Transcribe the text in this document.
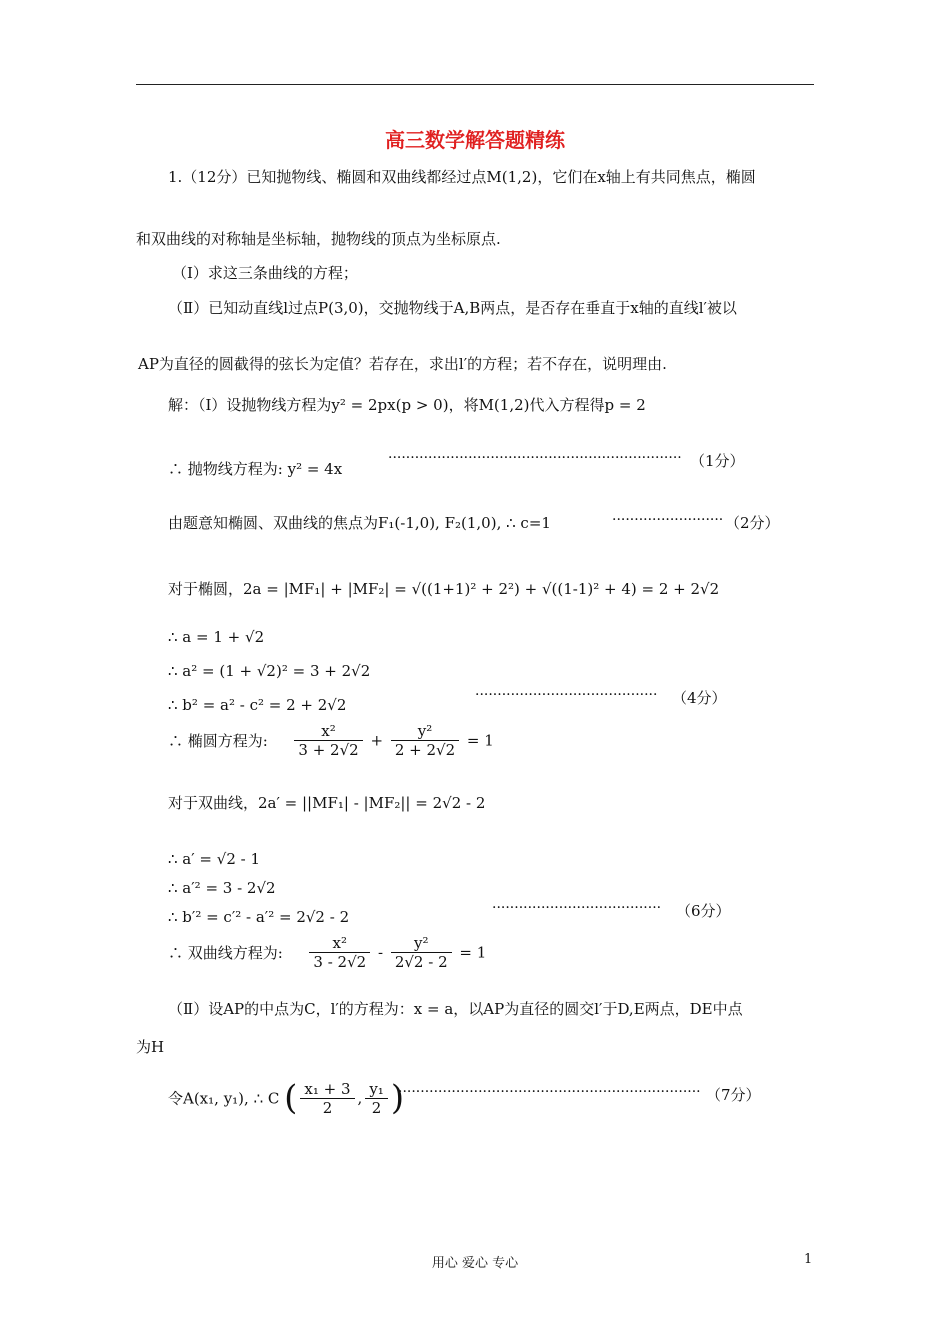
高三数学解答题精练
1.（12分）已知抛物线、椭圆和双曲线都经过点M(1,2)，它们在x轴上有共同焦点，椭圆
和双曲线的对称轴是坐标轴，抛物线的顶点为坐标原点.
（Ⅰ）求这三条曲线的方程；
（Ⅱ）已知动直线l过点P(3,0)，交抛物线于A,B两点，是否存在垂直于x轴的直线l′被以
AP为直径的圆截得的弦长为定值？若存在，求出l′的方程；若不存在，说明理由.
解：（Ⅰ）设抛物线方程为y² = 2px(p > 0)，将M(1,2)代入方程得p = 2
∴ 抛物线方程为: y² = 4x
·································································· （1分）
由题意知椭圆、双曲线的焦点为F₁(-1,0), F₂(1,0), ∴ c=1	························· （2分）
对于椭圆，2a = |MF₁| + |MF₂| = √((1+1)² + 2²) + √((1-1)² + 4) = 2 + 2√2
∴ a = 1 + √2
∴ a² = (1 + √2)² = 3 + 2√2
∴ b² = a² - c² = 2 + 2√2
········································· （4分）
∴ 椭圆方程为: $\frac{\text{x²}}{3 + 2√2} + \frac{\text{y²}}{2 + 2√2} = 1$
对于双曲线，2a′ = ||MF₁| - |MF₂|| = 2√2 - 2
∴ a′ = √2 - 1
∴ a′² = 3 - 2√2
∴ b′² = c′² - a′² = 2√2 - 2	······································ （6分）
∴ 双曲线方程为: $\frac{\text{x²}}{3 - 2√2} - \frac{\text{y²}}{2√2 - 2} = 1$
（Ⅱ）设AP的中点为C，l′的方程为：x = a，以AP为直径的圆交l′于D,E两点，DE中点
为H
令A(x₁, y₁), ∴ C ( $\frac{\text{x₁ + 3}}{2}$ , $\frac{\text{y₁}}{2}$ )
···································································· （7分）
用心 爱心 专心	1
